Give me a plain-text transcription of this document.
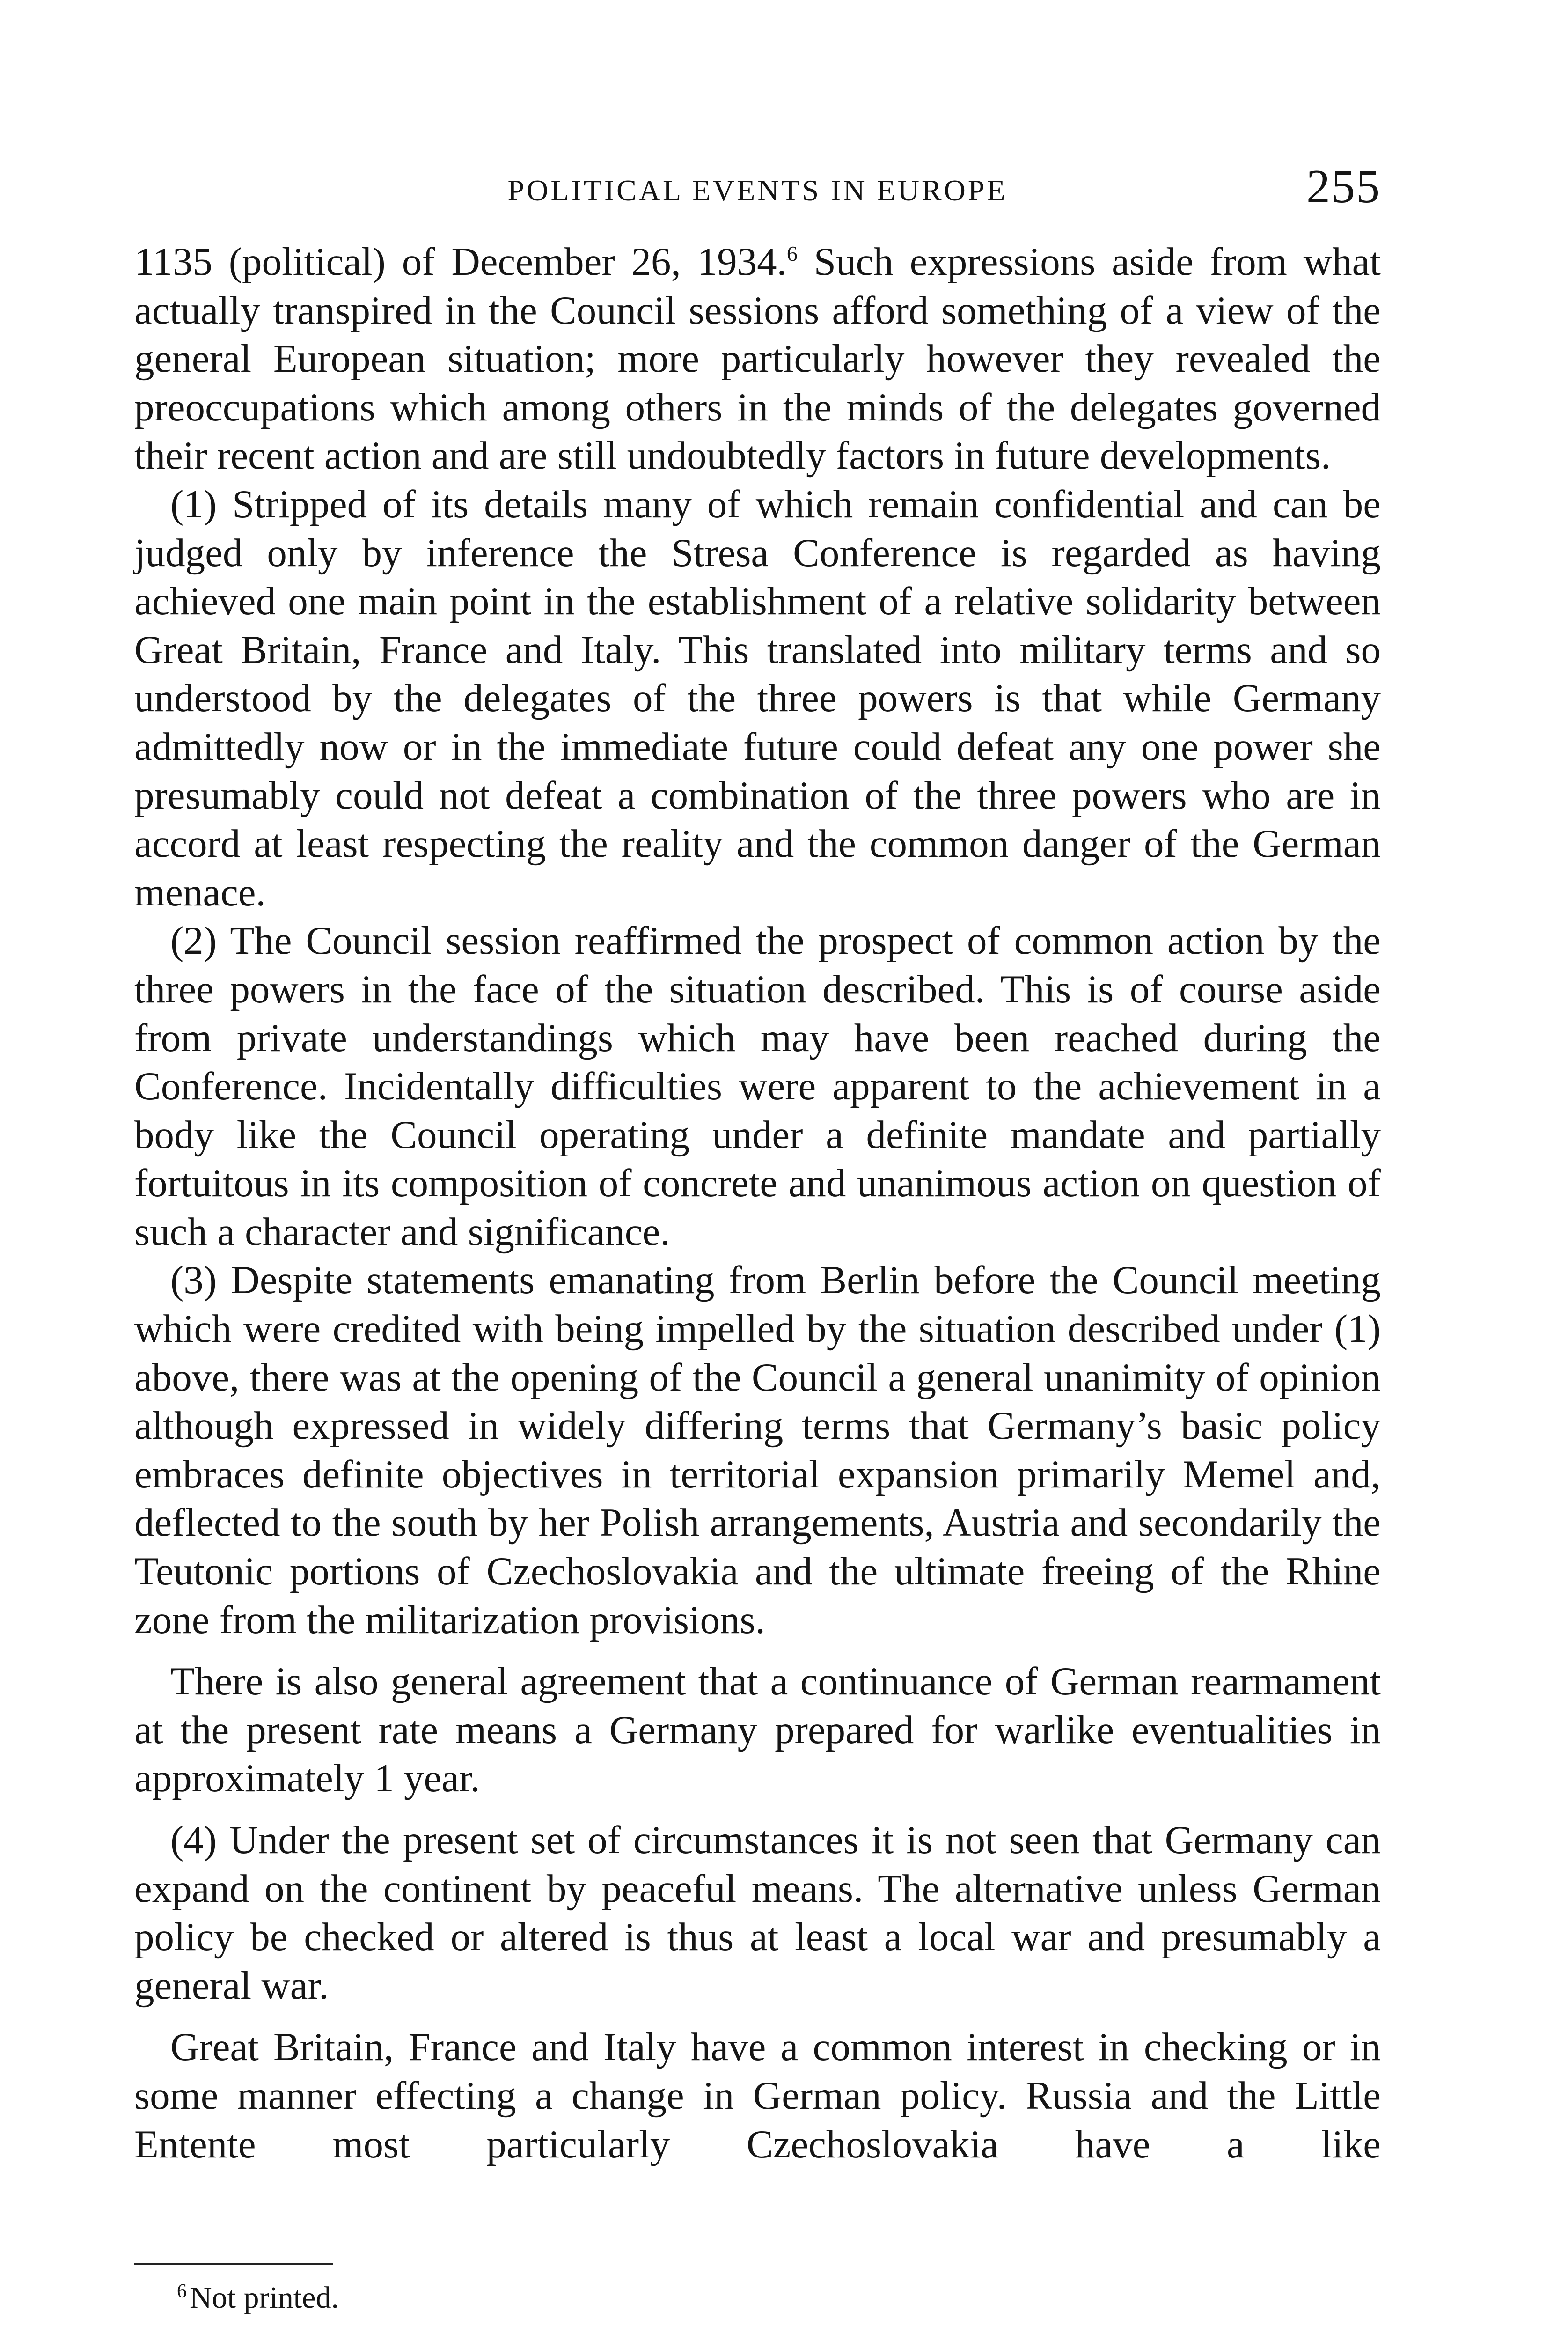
POLITICAL EVENTS IN EUROPE	255

1135 (political) of December 26, 1934.$^6$ Such expressions aside from what actually transpired in the Council sessions afford something of a view of the general European situation; more particularly however they revealed the preoccupations which among others in the minds of the delegates governed their recent action and are still undoubtedly factors in future developments.

(1) Stripped of its details many of which remain confidential and can be judged only by inference the Stresa Conference is regarded as having achieved one main point in the establishment of a relative solidarity between Great Britain, France and Italy. This translated into military terms and so understood by the delegates of the three powers is that while Germany admittedly now or in the immediate future could defeat any one power she presumably could not defeat a combination of the three powers who are in accord at least respecting the reality and the common danger of the German menace.

(2) The Council session reaffirmed the prospect of common action by the three powers in the face of the situation described. This is of course aside from private understandings which may have been reached during the Conference. Incidentally difficulties were apparent to the achievement in a body like the Council operating under a definite mandate and partially fortuitous in its composition of concrete and unanimous action on question of such a character and significance.

(3) Despite statements emanating from Berlin before the Council meeting which were credited with being impelled by the situation described under (1) above, there was at the opening of the Council a general unanimity of opinion although expressed in widely differing terms that Germany’s basic policy embraces definite objectives in territorial expansion primarily Memel and, deflected to the south by her Polish arrangements, Austria and secondarily the Teutonic portions of Czechoslovakia and the ultimate freeing of the Rhine zone from the militarization provisions.

There is also general agreement that a continuance of German rearmament at the present rate means a Germany prepared for warlike eventualities in approximately 1 year.

(4) Under the present set of circumstances it is not seen that Germany can expand on the continent by peaceful means. The alternative unless German policy be checked or altered is thus at least a local war and presumably a general war.

Great Britain, France and Italy have a common interest in checking or in some manner effecting a change in German policy. Russia and the Little Entente most particularly Czechoslovakia have a like

$^6$Not printed.
